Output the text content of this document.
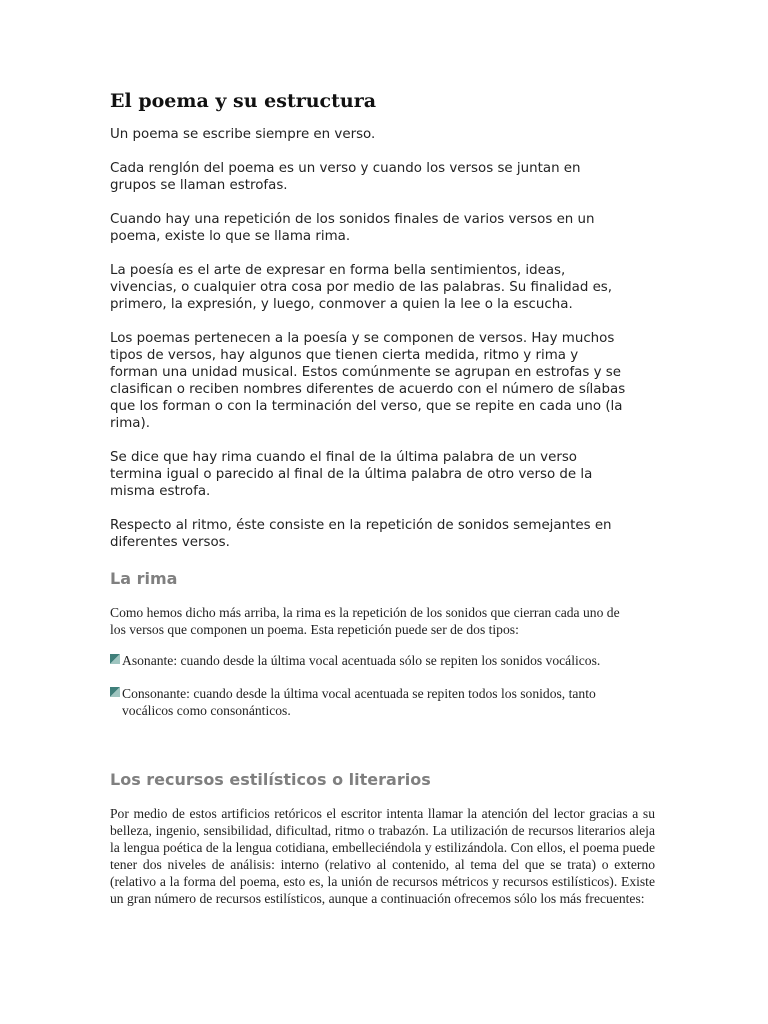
El poema y su estructura

Un poema se escribe siempre en verso.

Cada renglón del poema es un verso y cuando los versos se juntan en grupos se llaman estrofas.

Cuando hay una repetición de los sonidos finales de varios versos en un poema, existe lo que se llama rima.

La poesía es el arte de expresar en forma bella sentimientos, ideas, vivencias, o cualquier otra cosa por medio de las palabras. Su finalidad es, primero, la expresión, y luego, conmover a quien la lee o la escucha.

Los poemas pertenecen a la poesía y se componen de versos. Hay muchos tipos de versos, hay algunos que tienen cierta medida, ritmo y rima y forman una unidad musical. Estos comúnmente se agrupan en estrofas y se clasifican o reciben nombres diferentes de acuerdo con el número de sílabas que los forman o con la terminación del verso, que se repite en cada uno (la rima).

Se dice que hay rima cuando el final de la última palabra de un verso termina igual o parecido al final de la última palabra de otro verso de la misma estrofa.

Respecto al ritmo, éste consiste en la repetición de sonidos semejantes en diferentes versos.

La rima

Como hemos dicho más arriba, la rima es la repetición de los sonidos que cierran cada uno de los versos que componen un poema. Esta repetición puede ser de dos tipos:

Asonante: cuando desde la última vocal acentuada sólo se repiten los sonidos vocálicos.
Consonante: cuando desde la última vocal acentuada se repiten todos los sonidos, tanto vocálicos como consonánticos.
Los recursos estilísticos o literarios

Por medio de estos artificios retóricos el escritor intenta llamar la atención del lector gracias a su belleza, ingenio, sensibilidad, dificultad, ritmo o trabazón. La utilización de recursos literarios aleja la lengua poética de la lengua cotidiana, embelleciéndola y estilizándola. Con ellos, el poema puede tener dos niveles de análisis: interno (relativo al contenido, al tema del que se trata) o externo (relativo a la forma del poema, esto es, la unión de recursos métricos y recursos estilísticos). Existe un gran número de recursos estilísticos, aunque a continuación ofrecemos sólo los más frecuentes:
